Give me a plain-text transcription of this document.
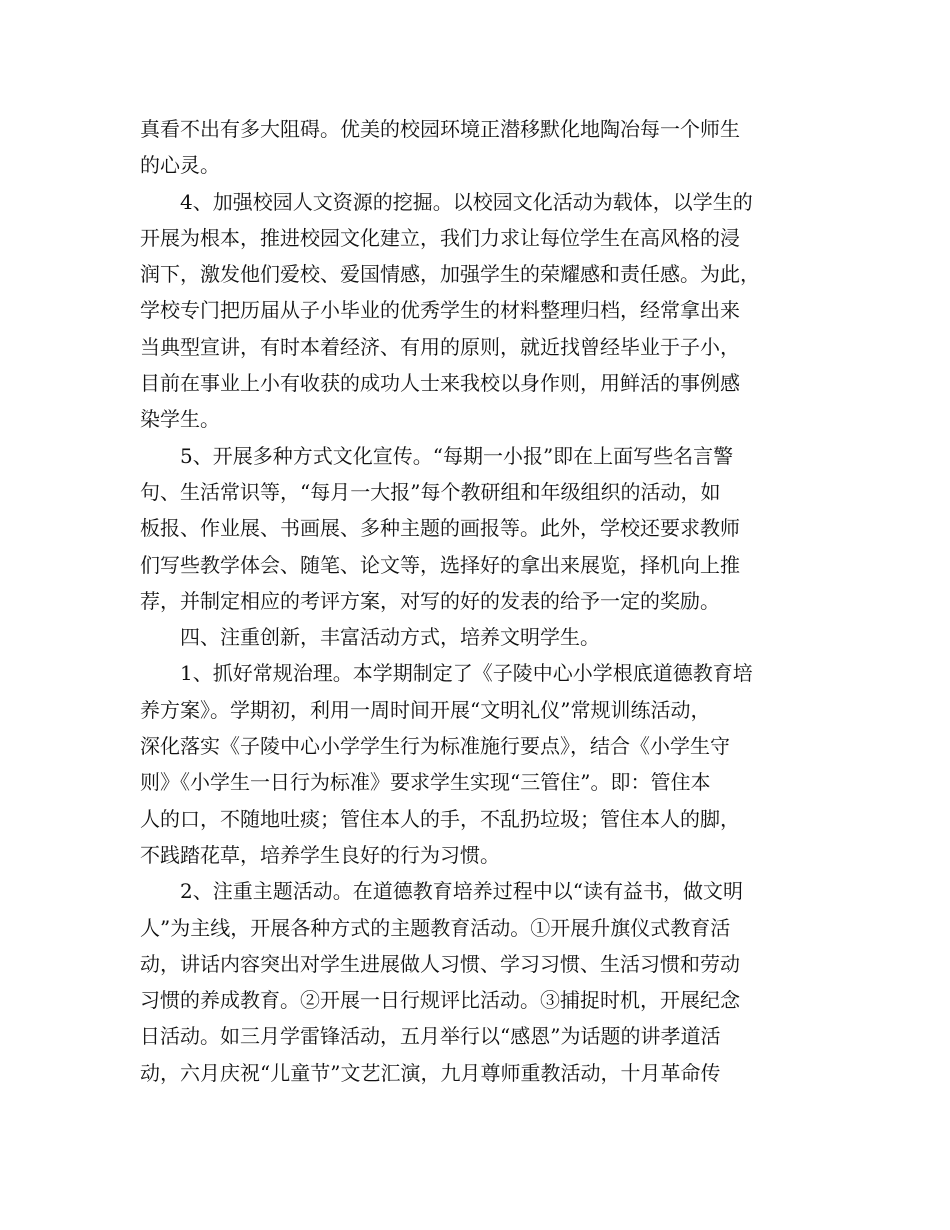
真看不出有多大阻碍。优美的校园环境正潜移默化地陶冶每一个师生
的心灵。
4、加强校园人文资源的挖掘。以校园文化活动为载体，以学生的
开展为根本，推进校园文化建立，我们力求让每位学生在高风格的浸
润下，激发他们爱校、爱国情感，加强学生的荣耀感和责任感。为此，
学校专门把历届从子小毕业的优秀学生的材料整理归档，经常拿出来
当典型宣讲，有时本着经济、有用的原则，就近找曾经毕业于子小，
目前在事业上小有收获的成功人士来我校以身作则，用鲜活的事例感
染学生。
5、开展多种方式文化宣传。“每期一小报”即在上面写些名言警
句、生活常识等，“每月一大报”每个教研组和年级组织的活动，如
板报、作业展、书画展、多种主题的画报等。此外，学校还要求教师
们写些教学体会、随笔、论文等，选择好的拿出来展览，择机向上推
荐，并制定相应的考评方案，对写的好的发表的给予一定的奖励。
四、注重创新，丰富活动方式，培养文明学生。
1、抓好常规治理。本学期制定了《子陵中心小学根底道德教育培
养方案》。学期初，利用一周时间开展“文明礼仪”常规训练活动，
深化落实《子陵中心小学学生行为标准施行要点》，结合《小学生守
则》《小学生一日行为标准》要求学生实现“三管住”。即：管住本
人的口，不随地吐痰；管住本人的手，不乱扔垃圾；管住本人的脚，
不践踏花草，培养学生良好的行为习惯。
2、注重主题活动。在道德教育培养过程中以“读有益书，做文明
人”为主线，开展各种方式的主题教育活动。①开展升旗仪式教育活
动，讲话内容突出对学生进展做人习惯、学习习惯、生活习惯和劳动
习惯的养成教育。②开展一日行规评比活动。③捕捉时机，开展纪念
日活动。如三月学雷锋活动，五月举行以“感恩”为话题的讲孝道活
动，六月庆祝“儿童节”文艺汇演，九月尊师重教活动，十月革命传
